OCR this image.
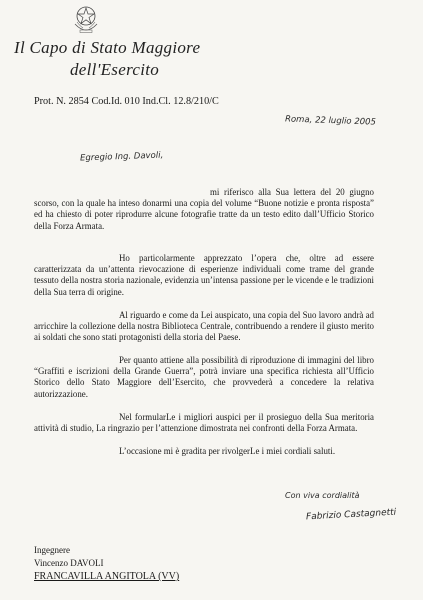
Il Capo di Stato Maggiore
dell'Esercito
Prot. N. 2854 Cod.Id. 010 Ind.Cl. 12.8/210/C
Roma, 22 luglio 2005
Egregio Ing. Davoli,

mi riferisco alla Sua lettera del 20 giugno scorso, con la quale ha inteso donarmi una copia del volume “Buone notizie e pronta risposta” ed ha chiesto di poter riprodurre alcune fotografie tratte da un testo edito dall’Ufficio Storico della Forza Armata.

Ho particolarmente apprezzato l’opera che, oltre ad essere caratterizzata da un’attenta rievocazione di esperienze individuali come trame del grande tessuto della nostra storia nazionale, evidenzia un’intensa passione per le vicende e le tradizioni della Sua terra di origine.

Al riguardo e come da Lei auspicato, una copia del Suo lavoro andrà ad arricchire la collezione della nostra Biblioteca Centrale, contribuendo a rendere il giusto merito ai soldati che sono stati protagonisti della storia del Paese.

Per quanto attiene alla possibilità di riproduzione di immagini del libro “Graffiti e iscrizioni della Grande Guerra”, potrà inviare una specifica richiesta all’Ufficio Storico dello Stato Maggiore dell’Esercito, che provvederà a concedere la relativa autorizzazione.

Nel formularLe i migliori auspici per il prosieguo della Sua meritoria attività di studio, La ringrazio per l’attenzione dimostrata nei confronti della Forza Armata.

L’occasione mi è gradita per rivolgerLe i miei cordiali saluti.

Con viva cordialità
Fabrizio Castagnetti
Ingegnere
Vincenzo DAVOLI
FRANCAVILLA ANGITOLA (VV)
